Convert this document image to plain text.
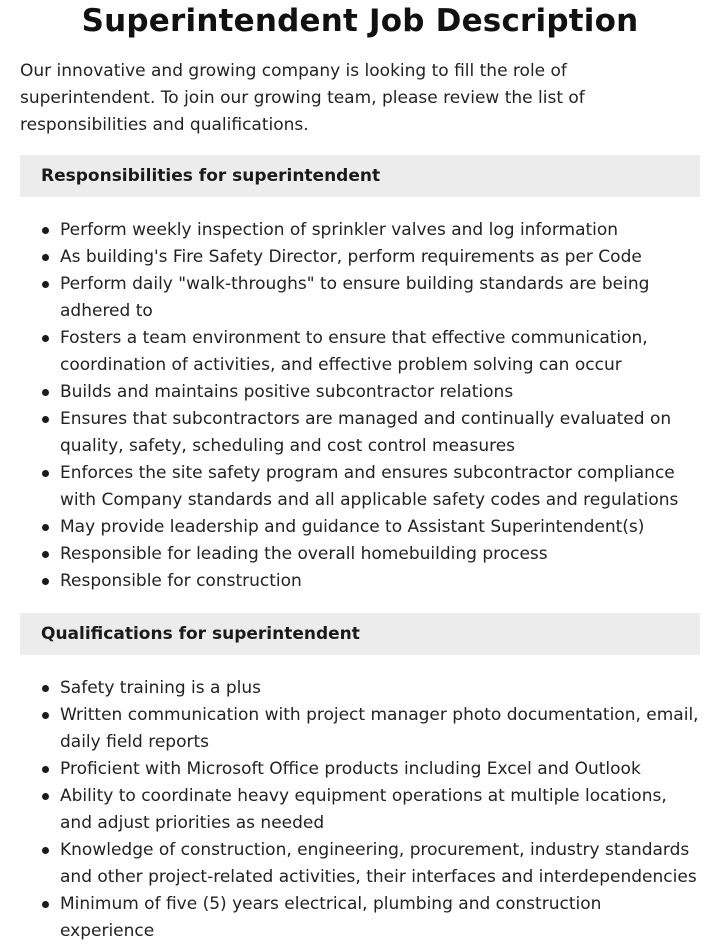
Superintendent Job Description

Our innovative and growing company is looking to fill the role of superintendent. To join our growing team, please review the list of responsibilities and qualifications.

Responsibilities for superintendent
Perform weekly inspection of sprinkler valves and log information
As building's Fire Safety Director, perform requirements as per Code
Perform daily "walk-throughs" to ensure building standards are being adhered to
Fosters a team environment to ensure that effective communication, coordination of activities, and effective problem solving can occur
Builds and maintains positive subcontractor relations
Ensures that subcontractors are managed and continually evaluated on quality, safety, scheduling and cost control measures
Enforces the site safety program and ensures subcontractor compliance with Company standards and all applicable safety codes and regulations
May provide leadership and guidance to Assistant Superintendent(s)
Responsible for leading the overall homebuilding process
Responsible for construction
Qualifications for superintendent
Safety training is a plus
Written communication with project manager photo documentation, email, daily field reports
Proficient with Microsoft Office products including Excel and Outlook
Ability to coordinate heavy equipment operations at multiple locations, and adjust priorities as needed
Knowledge of construction, engineering, procurement, industry standards and other project-related activities, their interfaces and interdependencies
Minimum of five (5) years electrical, plumbing and construction experience
